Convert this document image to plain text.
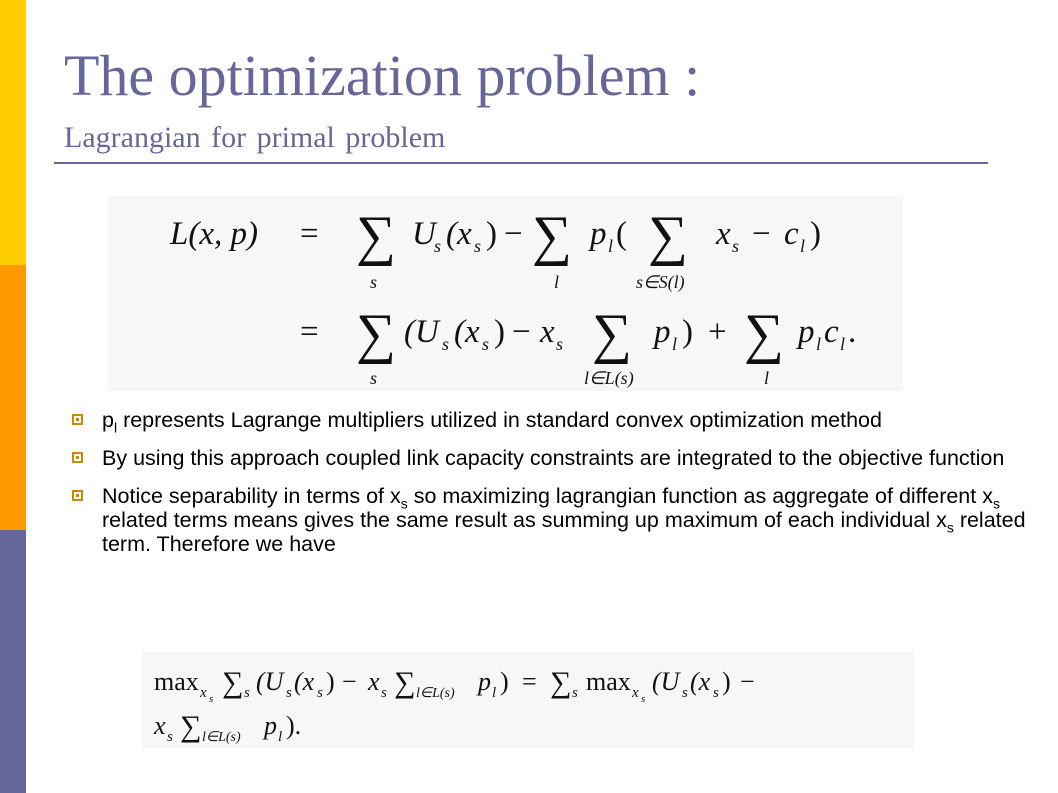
The optimization problem :
Lagrangian for primal problem
L(x, p) = ∑
s
U
s (x s ) − ∑
l
p l ( ∑
s∈S(l)
x s − c l )
= ∑
s
(U s (x s ) − x s ∑
l∈L(s)
p l ) + ∑
l
p l c l .
$p_l$ represents Lagrange multipliers utilized in standard convex optimization method
By using this approach coupled link capacity constraints are integrated to the objective function
Notice separability in terms of $x_s$ so maximizing lagrangian function as aggregate of different $x_s$ related terms means gives the same result as summing up maximum of each individual $x_s$ related term. Therefore we have
max x s ∑ s (U s (x s ) − x s ∑ l∈L(s) p l ) = ∑ s max x s
(U s (x s ) −
x s ∑ l∈L(s) p l ).
